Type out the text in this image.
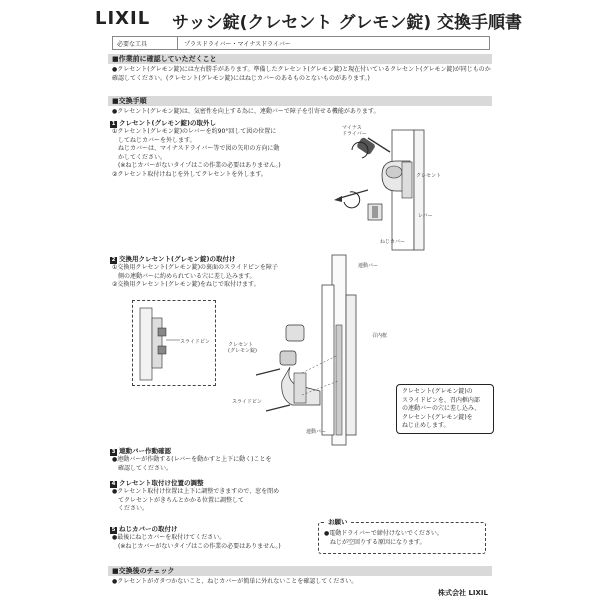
LIXIL サッシ錠(クレセント グレモン錠) 交換手順書
必要な工具	プラスドライバー・マイナスドライバー
■作業前に確認していただくこと
●クレセント(グレモン錠)には左右勝手があります。準備したクレセント(グレモン錠)と現在付いているクレセント(グレモン錠)が同じものか確認してください。(クレセント(グレモン錠)にはねじカバーのあるものとないものがあります。)
■交換手順
●クレセント(グレモン錠)は、気密性を向上する為に、連動バーで障子を引寄せる機能があります。
1 クレセント(グレモン錠)の取外し
①クレセント(グレモン錠)のレバーを約90°回して図の位置に
　してねじカバーを外します。
　ねじカバーは、マイナスドライバー等で図の矢印の方向に動
　かしてください。
　(※ねじカバーがないタイプはこの作業の必要はありません。)
②クレセント取付けねじを外してクレセントを外します。
マイナス
ドライバー
クレセント
レバー
ねじカバー
2 交換用クレセント(グレモン錠)の取付け
①交換用クレセント(グレモン錠)の裏面のスライドピンを障子
　側の連動バーに約められている穴に差し込みます。
②交換用クレセント(グレモン錠)をねじで取付けます。
スライドピン
連動バー
クレセント
(グレモン錠)
召内框
スライドピン
連動バー
クレセント(グレモン錠)の
スライドピンを、召内框内部
の連動バーの穴に差し込み、
クレセント(グレモン錠)を
ねじ止めします。
3 連動バー作動確認
●連動バーが作動する(レバーを動かすと上下に動く)ことを
　確認してください。
4 クレセント取付け位置の調整
●クレセント取付け位置は上下に調整できますので、窓を閉め
　てクレセントがきちんとかかる位置に調整して
　ください。
5 ねじカバーの取付け
●最後にねじカバーを取付けてください。
　(※ねじカバーがないタイプはこの作業の必要はありません。)
お願い
●電動ドライバーで締付けないでください。
　ねじが空回りする原因になります。
■交換後のチェック
●クレセントがガタつかないこと、ねじカバーが簡単に外れないことを確認してください。
株式会社 LIXIL
